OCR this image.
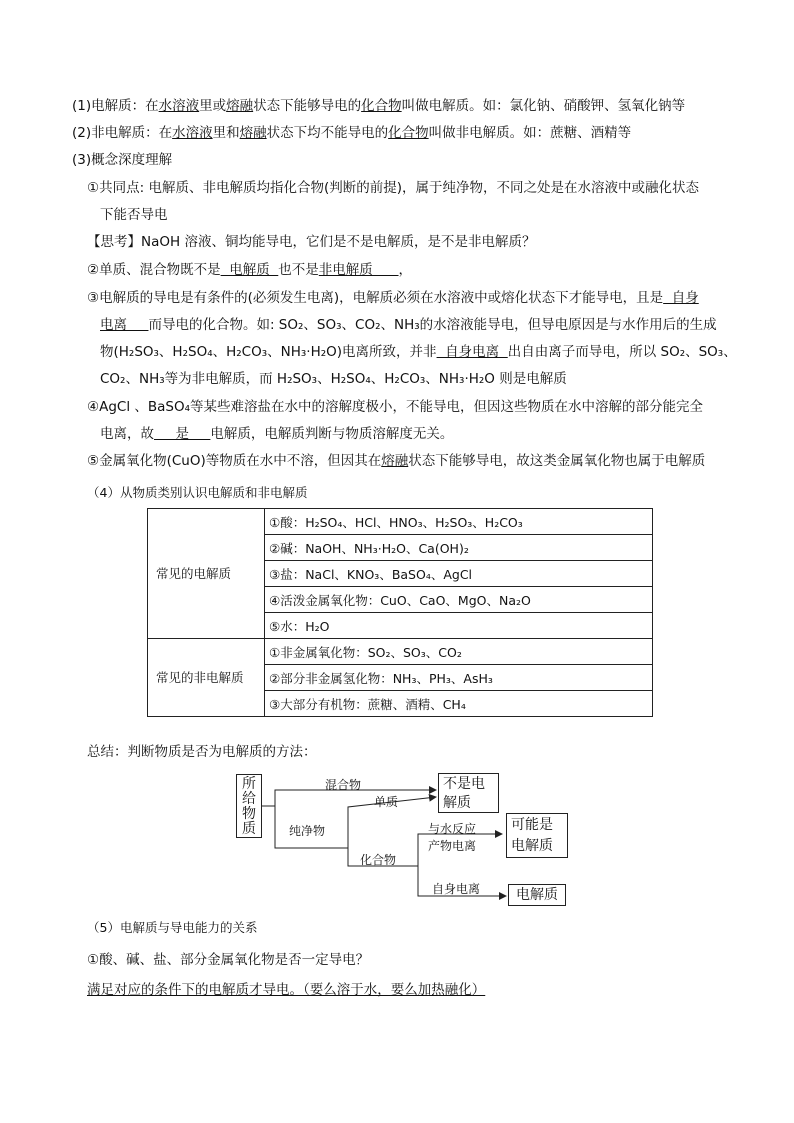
(1)电解质：在水溶液里或熔融状态下能够导电的化合物叫做电解质。如：氯化钠、硝酸钾、氢氧化钠等
(2)非电解质：在水溶液里和熔融状态下均不能导电的化合物叫做非电解质。如：蔗糖、酒精等
(3)概念深度理解
①共同点: 电解质、非电解质均指化合物(判断的前提)，属于纯净物，不同之处是在水溶液中或融化状态
下能否导电
【思考】NaOH 溶液、铜均能导电，它们是不是电解质，是不是非电解质？
②单质、混合物既不是  电解质  也不是非电解质      ，
③电解质的导电是有条件的(必须发生电离)，电解质必须在水溶液中或熔化状态下才能导电，且是  自身
电离     而导电的化合物。如: SO₂、SO₃、CO₂、NH₃的水溶液能导电，但导电原因是与水作用后的生成
物(H₂SO₃、H₂SO₄、H₂CO₃、NH₃·H₂O)电离所致，并非  自身电离  出自由离子而导电，所以 SO₂、SO₃、
CO₂、NH₃等为非电解质，而 H₂SO₃、H₂SO₄、H₂CO₃、NH₃·H₂O 则是电解质
④AgCl 、BaSO₄等某些难溶盐在水中的溶解度极小，不能导电，但因这些物质在水中溶解的部分能完全
电离，故     是     电解质，电解质判断与物质溶解度无关。
⑤金属氧化物(CuO)等物质在水中不溶，但因其在熔融状态下能够导电，故这类金属氧化物也属于电解质
（4）从物质类别认识电解质和非电解质
常见的电解质	①酸：H₂SO₄、HCl、HNO₃、H₂SO₃、H₂CO₃
	②碱：NaOH、NH₃·H₂O、Ca(OH)₂
	③盐：NaCl、KNO₃、BaSO₄、AgCl
	④活泼金属氧化物：CuO、CaO、MgO、Na₂O
	⑤水：H₂O
常见的非电解质	①非金属氧化物：SO₂、SO₃、CO₂
	②部分非金属氢化物：NH₃、PH₃、AsH₃
	③大部分有机物：蔗糖、酒精、CH₄
总结：判断物质是否为电解质的方法：
所给物质
不是电解质
可能是电解质
电解质
混合物
单质
纯净物
化合物
与水反应
产物电离
自身电离
（5）电解质与导电能力的关系
①酸、碱、盐、部分金属氧化物是否一定导电？
满足对应的条件下的电解质才导电。（要么溶于水，要么加热融化）
